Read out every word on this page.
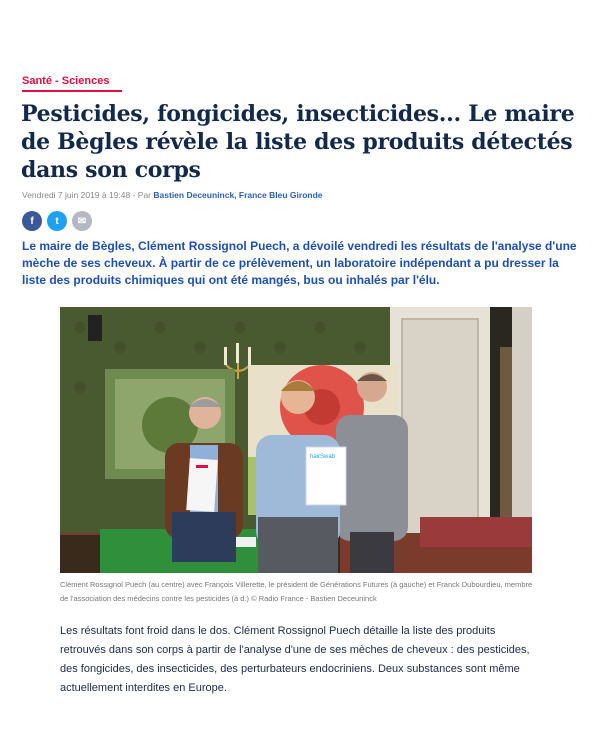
Santé - Sciences
Pesticides, fongicides, insecticides... Le maire de Bègles révèle la liste des produits détectés dans son corps
Vendredi 7 juin 2019 à 19:48 - Par Bastien Deceuninck, France Bleu Gironde
f	t	✉

Le maire de Bègles, Clément Rossignol Puech, a dévoilé vendredi les résultats de l'analyse d'une mèche de ses cheveux. À partir de ce prélèvement, un laboratoire indépendant a pu dresser la liste des produits chimiques qui ont été mangés, bus ou inhalés par l'élu.

hairSwab
Clément Rossignol Puech (au centre) avec François Villerette, le président de Générations Futures (à gauche) et Franck Dubourdieu, membre de l'association des médecins contre les pesticides (à d.) © Radio France - Bastien Deceuninck

Les résultats font froid dans le dos. Clément Rossignol Puech détaille la liste des produits retrouvés dans son corps à partir de l'analyse d'une de ses mèches de cheveux : des pesticides, des fongicides, des insecticides, des perturbateurs endocriniens. Deux substances sont même actuellement interdites en Europe.
